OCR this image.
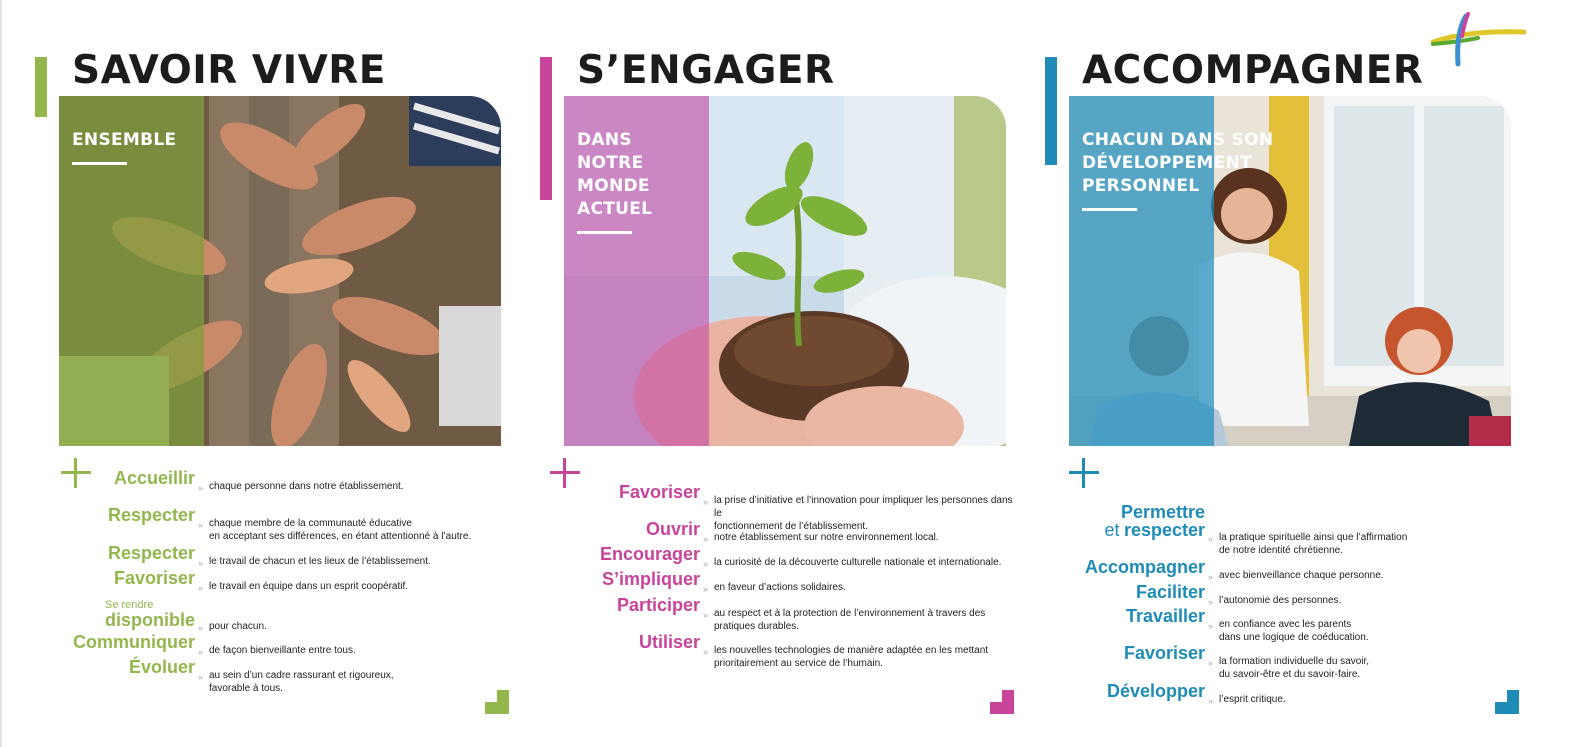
SAVOIR VIVRE

ENSEMBLE

Accueillir » chaque personne dans notre établissement.
Respecter » chaque membre de la communauté éducative
en acceptant ses différences, en étant attentionné à l’autre.
Respecter » le travail de chacun et les lieux de l’établissement.
Favoriser » le travail en équipe dans un esprit coopératif.
Se rendre
disponible » pour chacun.
Communiquer » de façon bienveillante entre tous.
Évoluer » au sein d’un cadre rassurant et rigoureux,
favorable à tous.
S’ENGAGER

DANS
NOTRE
MONDE
ACTUEL

Favoriser » la prise d’initiative et l’innovation pour impliquer les personnes dans le
fonctionnement de l’établissement.
Ouvrir » notre établissement sur notre environnement local.
Encourager » la curiosité de la découverte culturelle nationale et internationale.
S’impliquer » en faveur d’actions solidaires.
Participer » au respect et à la protection de l’environnement à travers des
pratiques durables.
Utiliser » les nouvelles technologies de manière adaptée en les mettant
prioritairement au service de l’humain.
ACCOMPAGNER

CHACUN DANS SON
DÉVELOPPEMENT
PERSONNEL

Permettre
et respecter » la pratique spirituelle ainsi que l’affirmation
de notre identité chrétienne.
Accompagner » avec bienveillance chaque personne.
Faciliter » l’autonomie des personnes.
Travailler » en confiance avec les parents
dans une logique de coéducation.
Favoriser » la formation individuelle du savoir,
du savoir-être et du savoir-faire.
Développer » l’esprit critique.
